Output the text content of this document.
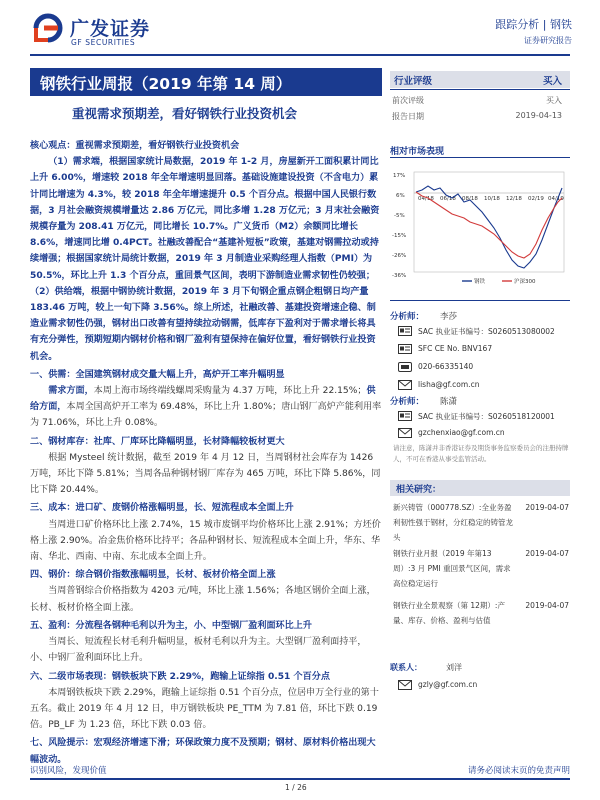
广发证券
GF SECURITIES
跟踪分析 | 钢铁
证券研究报告
钢铁行业周报（2019 年第 14 周）
重视需求预期差，看好钢铁行业投资机会
行业评级	买入
前次评级	买入
报告日期	2019-04-13
相对市场表现
17%
6%
-5%
-15%
-26%
-36%
04/18 06/18 08/18 10/18 12/18 02/19 04/19
钢铁	沪深300
分析师： 李莎
SAC 执业证书编号：S0260513080002
SFC CE No. BNV167
020-66335140
lisha@gf.com.cn
分析师： 陈潇
SAC 执业证书编号：S0260518120001
gzchenxiao@gf.com.cn
请注意，陈潇并非香港证券及期货事务监察委员会的注册持牌人，不可在香港从事受监管活动。
相关研究：
新兴铸管（000778.SZ）:全业务盈利韧性强于钢材，分红稳定的铸管龙头
2019-04-07
钢铁行业月报（2019 年第13 周）:3 月 PMI 重回景气区间，需求高位稳定运行
2019-04-07
钢铁行业全景观察（第 12期）:产量、库存、价格、盈利与估值
2019-04-07
联系人：	刘洋
gzly@gf.com.cn

核心观点：重视需求预期差，看好钢铁行业投资机会

（1）需求端，根据国家统计局数据，2019 年 1-2 月，房屋新开工面积累计同比上升 6.00%，增速较 2018 年全年增速明显回落。基础设施建设投资（不含电力）累计同比增速为 4.3%，较 2018 年全年增速提升 0.5 个百分点。根据中国人民银行数据，3 月社会融资规模增量达 2.86 万亿元，同比多增 1.28 万亿元；3 月末社会融资规模存量为 208.41 万亿元，同比增长 10.7%。广义货币（M2）余额同比增长 8.6%，增速同比增 0.4PCT。社融改善配合“基建补短板”政策，基建对钢需拉动或持续增强；根据国家统计局统计数据，2019 年 3 月制造业采购经理人指数（PMI）为 50.5%，环比上升 1.3 个百分点，重回景气区间，表明下游制造业需求韧性仍较强；（2）供给端，根据中钢协统计数据，2019 年 3 月下旬钢企重点钢企粗钢日均产量 183.46 万吨，较上一旬下降 3.56%。综上所述，社融改善、基建投资增速企稳、制造业需求韧性仍强，钢材出口改善有望持续拉动钢需，低库存下盈利对于需求增长将具有充分弹性，预期短期内钢材价格和钢厂盈利有望保持在偏好位置，看好钢铁行业投资机会。

一、供需：全国建筑钢材成交量大幅上升，高炉开工率升幅明显

需求方面，本周上海市场终端线螺周采购量为 4.37 万吨，环比上升 22.15%；供给方面，本周全国高炉开工率为 69.48%，环比上升 1.80%；唐山钢厂高炉产能利用率为 71.06%，环比上升 0.08%。

二、钢材库存：社库、厂库环比降幅明显，长材降幅较板材更大

根据 Mysteel 统计数据，截至 2019 年 4 月 12 日，当周钢材社会库存为 1426 万吨，环比下降 5.81%；当周各品种钢材钢厂库存为 465 万吨，环比下降 5.86%，同比下降 20.44%。

三、成本：进口矿、废钢价格涨幅明显，长、短流程成本全面上升

当周进口矿价格环比上涨 2.74%，15 城市废钢平均价格环比上涨 2.91%；方坯价格上涨 2.90%。冶金焦价格环比持平；各品种钢材长、短流程成本全面上升，华东、华南、华北、西南、中南、东北成本全面上升。

四、钢价：综合钢价指数涨幅明显，长材、板材价格全面上涨

当周普钢综合价格指数为 4203 元/吨，环比上涨 1.56%；各地区钢价全面上涨，长材、板材价格全面上涨。

五、盈利：分流程各钢种毛利以升为主，小、中型钢厂盈利面环比上升

当周长、短流程长材毛利升幅明显，板材毛利以升为主。大型钢厂盈利面持平，小、中钢厂盈利面环比上升。

六、二级市场表现：钢铁板块下跌 2.29%，跑输上证综指 0.51 个百分点

本周钢铁板块下跌 2.29%，跑输上证综指 0.51 个百分点，位居申万全行业的第十五名。截止 2019 年 4 月 12 日，申万钢铁板块 PE_TTM 为 7.81 倍，环比下跌 0.19 倍。PB_LF 为 1.23 倍，环比下跌 0.03 倍。

七、风险提示：宏观经济增速下滑；环保政策力度不及预期；钢材、原材料价格出现大幅波动。

识别风险，发现价值	请务必阅读末页的免责声明
1 / 26
